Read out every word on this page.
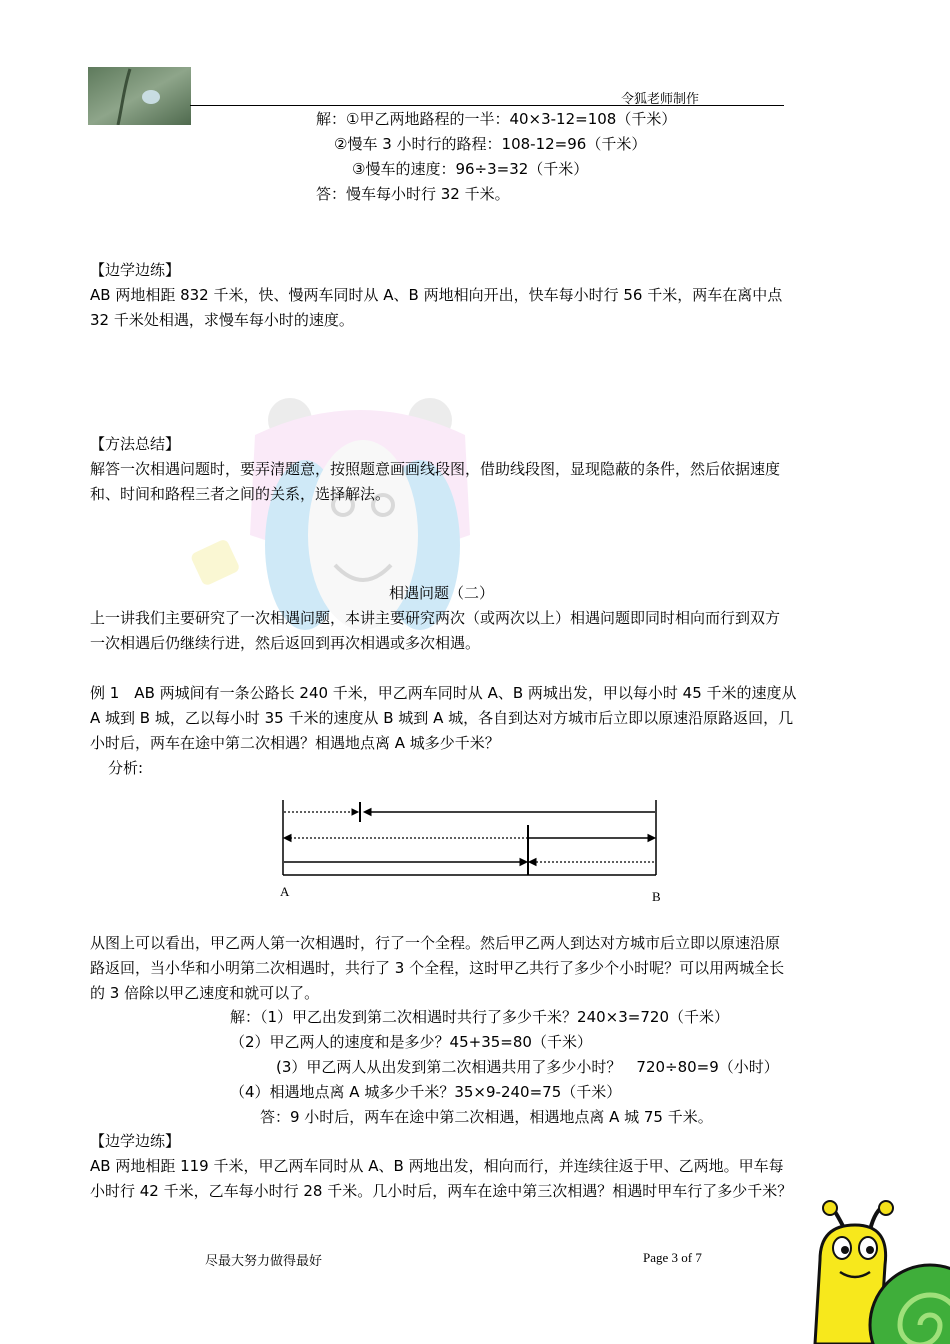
令狐老师制作
解：①甲乙两地路程的一半：40×3-12=108（千米）
②慢车 3 小时行的路程：108-12=96（千米）
③慢车的速度：96÷3=32（千米）
答：慢车每小时行 32 千米。
【边学边练】
AB 两地相距 832 千米，快、慢两车同时从 A、B 两地相向开出，快车每小时行 56 千米，两车在离中点
32 千米处相遇，求慢车每小时的速度。
【方法总结】
解答一次相遇问题时，要弄清题意，按照题意画画线段图，借助线段图，显现隐蔽的条件，然后依据速度
和、时间和路程三者之间的关系，选择解法。
相遇问题（二）
上一讲我们主要研究了一次相遇问题，本讲主要研究两次（或两次以上）相遇问题即同时相向而行到双方
一次相遇后仍继续行进，然后返回到再次相遇或多次相遇。
例 1　AB 两城间有一条公路长 240 千米，甲乙两车同时从 A、B 两城出发，甲以每小时 45 千米的速度从
A 城到 B 城，乙以每小时 35 千米的速度从 B 城到 A 城，各自到达对方城市后立即以原速沿原路返回，几
小时后，两车在途中第二次相遇？相遇地点离 A 城多少千米？
分析:
A	B
从图上可以看出，甲乙两人第一次相遇时，行了一个全程。然后甲乙两人到达对方城市后立即以原速沿原
路返回，当小华和小明第二次相遇时，共行了 3 个全程，这时甲乙共行了多少个小时呢？可以用两城全长
的 3 倍除以甲乙速度和就可以了。
解：（1）甲乙出发到第二次相遇时共行了多少千米？240×3=720（千米）
（2）甲乙两人的速度和是多少？45+35=80（千米）
(3）甲乙两人从出发到第二次相遇共用了多少小时？　720÷80=9（小时）
（4）相遇地点离 A 城多少千米？35×9-240=75（千米）
答：9 小时后，两车在途中第二次相遇，相遇地点离 A 城 75 千米。
【边学边练】
AB 两地相距 119 千米，甲乙两车同时从 A、B 两地出发，相向而行，并连续往返于甲、乙两地。甲车每
小时行 42 千米，乙车每小时行 28 千米。几小时后，两车在途中第三次相遇？相遇时甲车行了多少千米？
尽最大努力做得最好	Page 3 of 7
